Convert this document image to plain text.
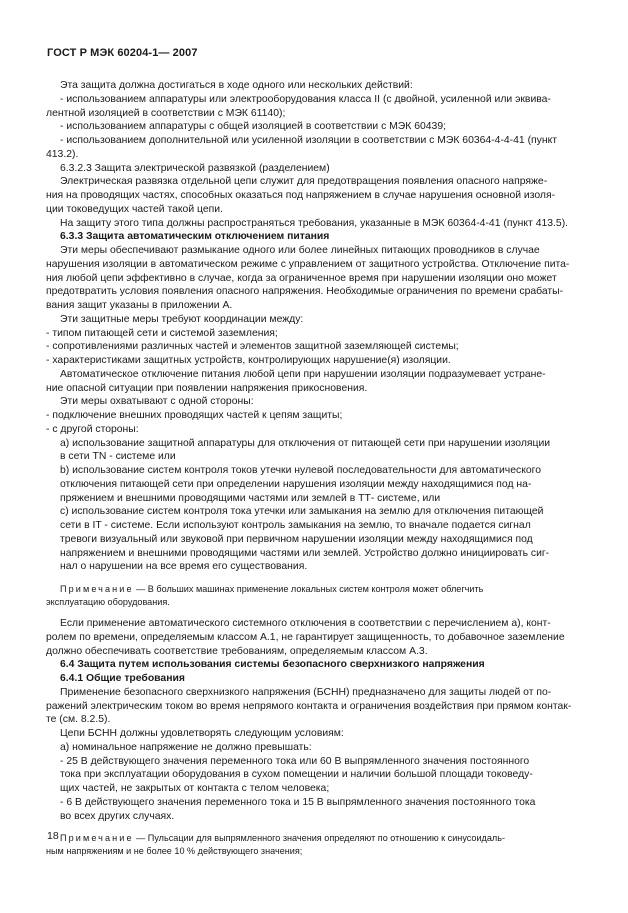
ГОСТ Р МЭК 60204-1— 2007

Эта защита должна достигаться в ходе одного или нескольких действий:

- использованием аппаратуры или электрооборудования класса II (с двойной, усиленной или эквива-

лентной изоляцией в соответствии с МЭК 61140);

- использованием аппаратуры с общей изоляцией в соответствии с МЭК 60439;

- использованием дополнительной или усиленной изоляции в соответствии с МЭК 60364-4-4-41 (пункт

413.2).

6.3.2.3 Защита электрической развязкой (разделением)

Электрическая развязка отдельной цепи служит для предотвращения появления опасного напряже-

ния на проводящих частях, способных оказаться под напряжением в случае нарушения основной изоля-

ции токоведущих частей такой цепи.

На защиту этого типа должны распространяться требования, указанные в МЭК 60364-4-41 (пункт 413.5).

6.3.3 Защита автоматическим отключением питания

Эти меры обеспечивают размыкание одного или более линейных питающих проводников в случае

нарушения изоляции в автоматическом режиме с управлением от защитного устройства. Отключение пита-

ния любой цепи эффективно в случае, когда за ограниченное время при нарушении изоляции оно может

предотвратить условия появления опасного напряжения. Необходимые ограничения по времени срабаты-

вания защит указаны в приложении А.

Эти защитные меры требуют координации между:

- типом питающей сети и системой заземления;

- сопротивлениями различных частей и элементов защитной заземляющей системы;

- характеристиками защитных устройств, контролирующих нарушение(я) изоляции.

Автоматическое отключение питания любой цепи при нарушении изоляции подразумевает устране-

ние опасной ситуации при появлении напряжения прикосновения.

Эти меры охватывают с одной стороны:

- подключение внешних проводящих частей к цепям защиты;

- с другой стороны:

а) использование защитной аппаратуры для отключения от питающей сети при нарушении изоляции

в сети TN - системе или

b) использование систем контроля токов утечки нулевой последовательности для автоматического

отключения питающей сети при определении нарушения изоляции между находящимися под на-

пряжением и внешними проводящими частями или землей в ТТ- системе, или

с) использование систем контроля тока утечки или замыкания на землю для отключения питающей

сети в IT - системе. Если используют контроль замыкания на землю, то вначале подается сигнал

тревоги визуальный или звуковой при первичном нарушении изоляции между находящимися под

напряжением и внешними проводящими частями или землей. Устройство должно инициировать сиг-

нал о нарушении на все время его существования.

Примечание — В больших машинах применение локальных систем контроля может облегчить

эксплуатацию оборудования.

Если применение автоматического системного отключения в соответствии с перечислением а), конт-

ролем по времени, определяемым классом А.1, не гарантирует защищенность, то добавочное заземление

должно обеспечивать соответствие требованиям, определяемым классом А.3.

6.4 Защита путем использования системы безопасного сверхнизкого напряжения

6.4.1 Общие требования

Применение безопасного сверхнизкого напряжения (БСНН) предназначено для защиты людей от по-

ражений электрическим током во время непрямого контакта и ограничения воздействия при прямом контак-

те (см. 8.2.5).

Цепи БСНН должны удовлетворять следующим условиям:

а) номинальное напряжение не должно превышать:

- 25 В действующего значения переменного тока или 60 В выпрямленного значения постоянного

тока при эксплуатации оборудования в сухом помещении и наличии большой площади токоведу-

щих частей, не закрытых от контакта с телом человека;

- 6 В действующего значения переменного тока и 15 В выпрямленного значения постоянного тока

во всех других случаях.

Примечание — Пульсации для выпрямленного значения определяют по отношению к синусоидаль-

ным напряжениям и не более 10 % действующего значения;

18
